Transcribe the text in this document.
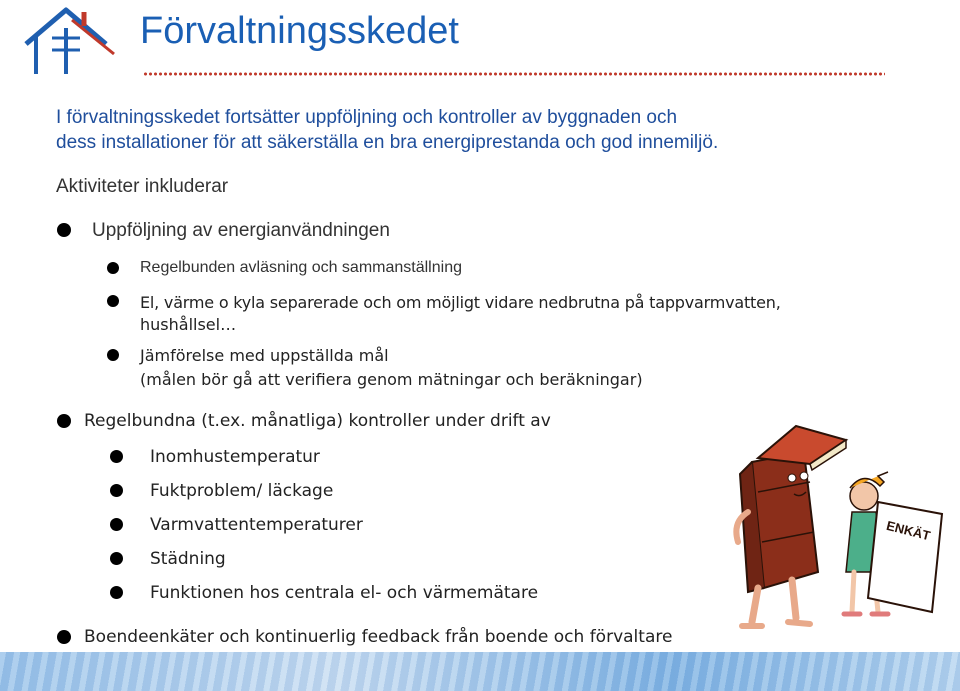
Förvaltningsskedet
I förvaltningsskedet fortsätter uppföljning och kontroller av byggnaden och
dess installationer för att säkerställa en bra energiprestanda och god innemiljö.
Aktiviteter inkluderar
Uppföljning av energianvändningen
Regelbunden avläsning och sammanställning
El, värme o kyla separerade och om möjligt vidare nedbrutna på tappvarmvatten,
hushållsel…
Jämförelse med uppställda mål
(målen bör gå att verifiera genom mätningar och beräkningar)
Regelbundna (t.ex. månatliga) kontroller under drift av
Inomhustemperatur
Fuktproblem/ läckage
Varmvattentemperaturer
Städning
Funktionen hos centrala el- och värmemätare
Boendeenkäter och kontinuerlig feedback från boende och förvaltare
ENKÄT
